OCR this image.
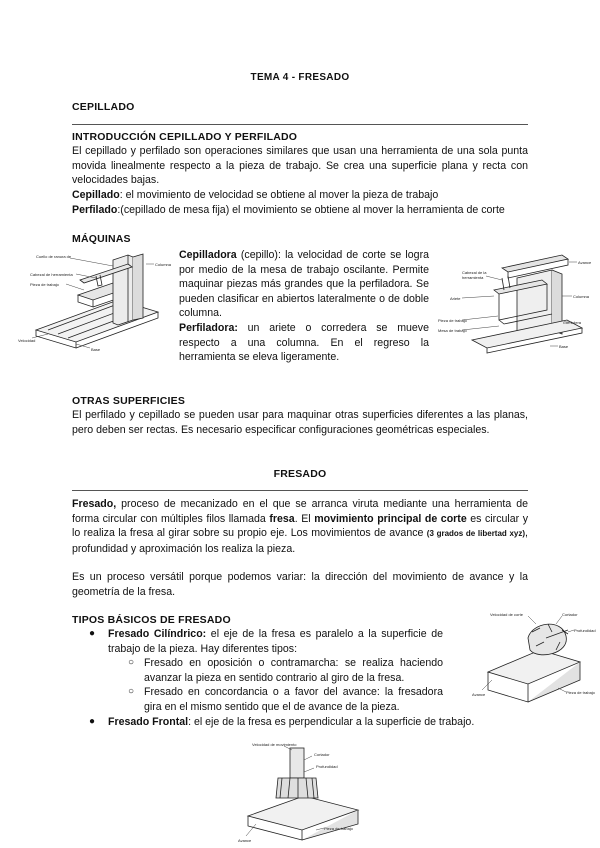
TEMA 4 - FRESADO
CEPILLADO
INTRODUCCIÓN CEPILLADO Y PERFILADO
El cepillado y perfilado son operaciones similares que usan una herramienta de una sola punta movida linealmente respecto a la pieza de trabajo. Se crea una superficie plana y recta con velocidades bajas.
Cepillado: el movimiento de velocidad se obtiene al mover la pieza de trabajo
Perfilado:(cepillado de mesa fija) el movimiento se obtiene al mover la herramienta de corte
MÁQUINAS
Cuello de ranura de
Cabezal de herramienta
Pieza de trabajo
Columna
Velocidad
Base
Cepilladora (cepillo): la velocidad de corte se logra por medio de la mesa de trabajo oscilante. Permite maquinar piezas más grandes que la perfiladora. Se pueden clasificar en abiertos lateralmente o de doble columna.
Perfiladora: un ariete o corredera se mueve respecto a una columna. En el regreso la herramienta se eleva ligeramente.
Cabezal de la
herramienta
Ariete
Avance
Pieza de trabajo
Mesa de trabajo
Columna
Corredera
Base
OTRAS SUPERFICIES
El perfilado y cepillado se pueden usar para maquinar otras superficies diferentes a las planas, pero deben ser rectas. Es necesario especificar configuraciones geométricas especiales.
FRESADO
Fresado, proceso de mecanizado en el que se arranca viruta mediante una herramienta de forma circular con múltiples filos llamada fresa. El movimiento principal de corte es circular y lo realiza la fresa al girar sobre su propio eje. Los movimientos de avance (3 grados de libertad xyz), profundidad y aproximación los realiza la pieza.
Es un proceso versátil porque podemos variar: la dirección del movimiento de avance y la geometría de la fresa.
TIPOS BÁSICOS DE FRESADO
● Fresado Cilíndrico: el eje de la fresa es paralelo a la superficie de trabajo de la pieza. Hay diferentes tipos:
○ Fresado en oposición o contramarcha: se realiza haciendo avanzar la pieza en sentido contrario al giro de la fresa.
○ Fresado en concordancia o a favor del avance: la fresadora gira en el mismo sentido que el de avance de la pieza.
● Fresado Frontal: el eje de la fresa es perpendicular a la superficie de trabajo.
Velocidad de corte	Cortador
Profundidad
Avance	Pieza de trabajo
Velocidad de movimiento
Cortador
Profundidad
Avance
Pieza de trabajo
